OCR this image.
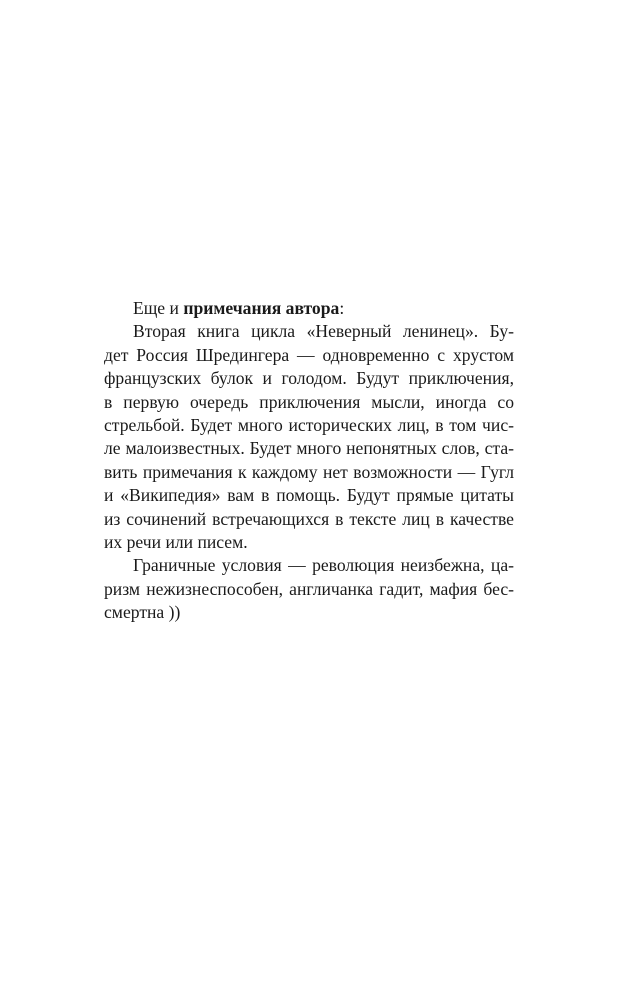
Еще и примечания автора:
Вторая книга цикла «Неверный ленинец». Бу-
дет Россия Шредингера — одновременно с хрустом
французских булок и голодом. Будут приключения,
в первую очередь приключения мысли, иногда со
стрельбой. Будет много исторических лиц, в том чис-
ле малоизвестных. Будет много непонятных слов, ста-
вить примечания к каждому нет возможности — Гугл
и «Википедия» вам в помощь. Будут прямые цитаты
из сочинений встречающихся в тексте лиц в качестве
их речи или писем.
Граничные условия — революция неизбежна, ца-
ризм нежизнеспособен, англичанка гадит, мафия бес-
смертна ))
